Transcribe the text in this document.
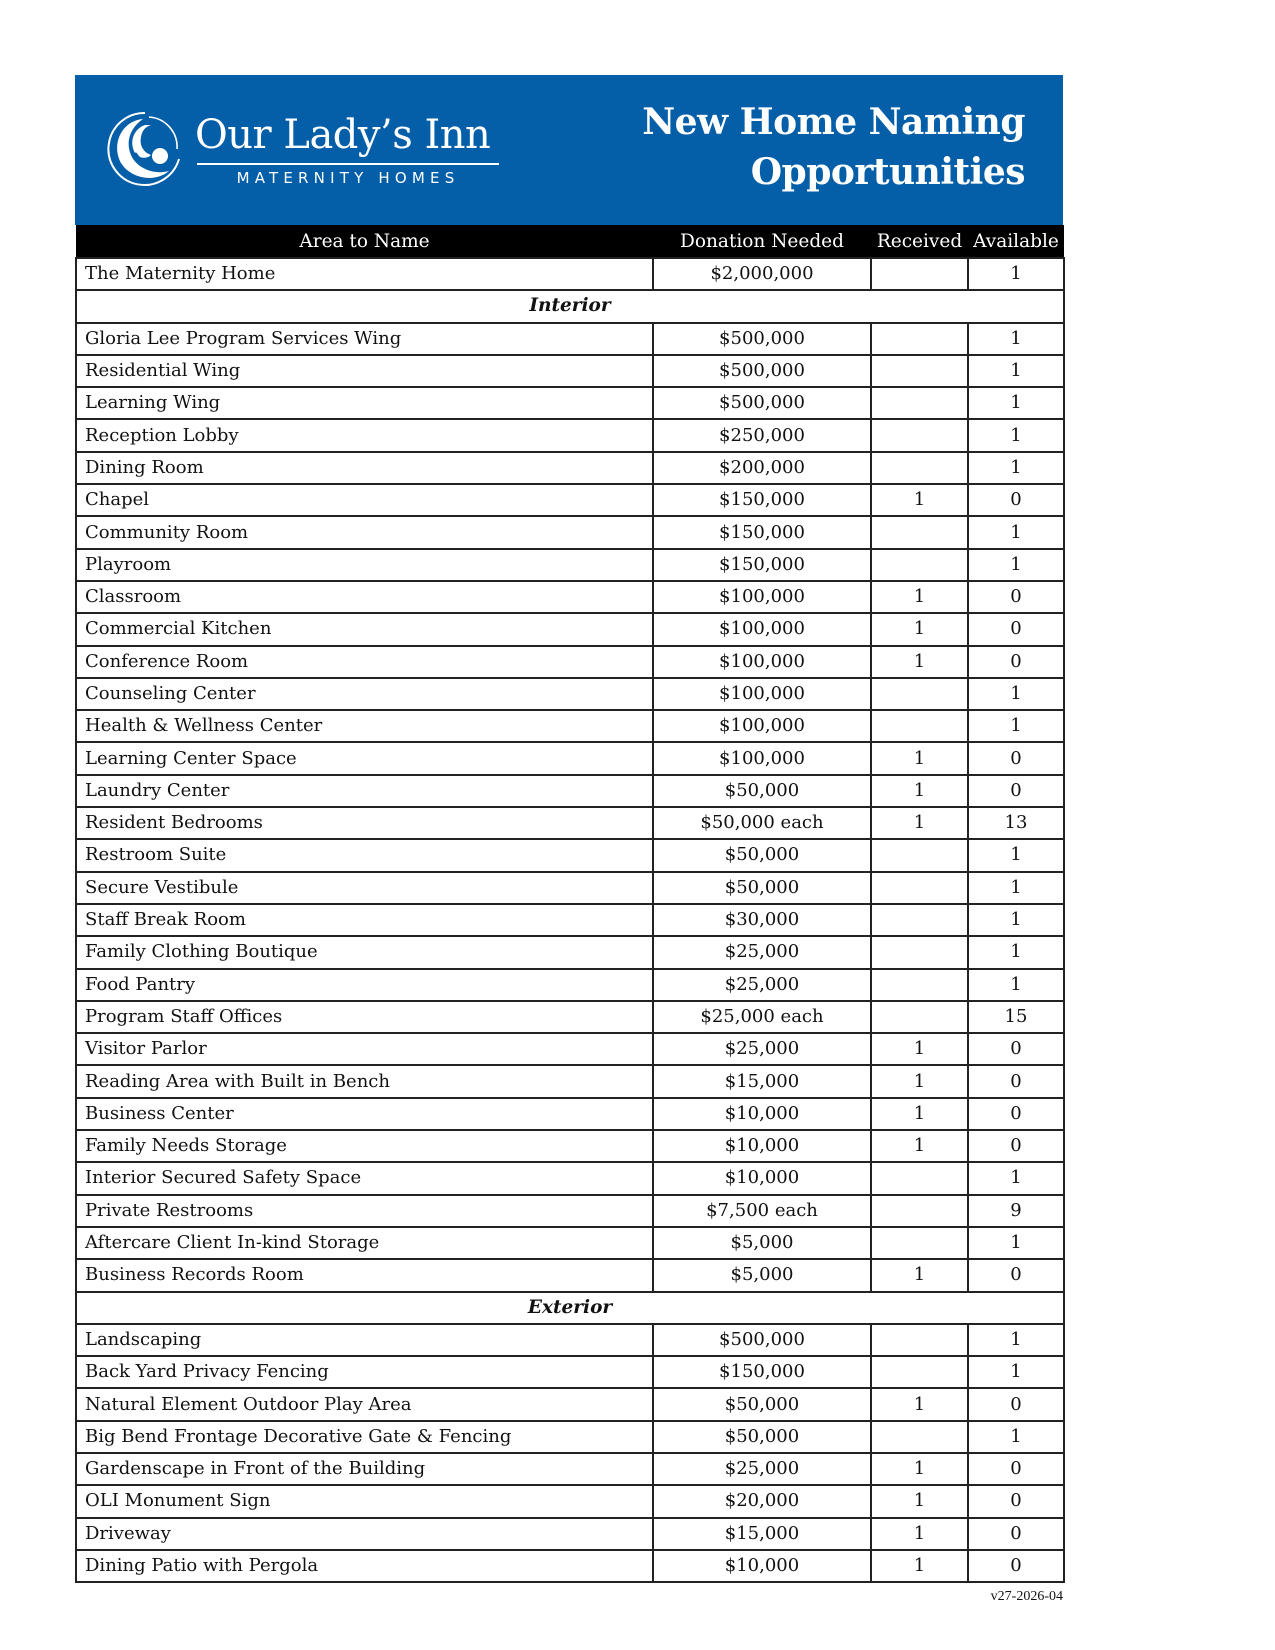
Our Lady’s Inn
MATERNITY HOMES
New Home Naming
Opportunities
Area to Name	Donation Needed	Received	Available
The Maternity Home	$2,000,000		1
Interior			
Gloria Lee Program Services Wing	$500,000		1
Residential Wing	$500,000		1
Learning Wing	$500,000		1
Reception Lobby	$250,000		1
Dining Room	$200,000		1
Chapel	$150,000	1	0
Community Room	$150,000		1
Playroom	$150,000		1
Classroom	$100,000	1	0
Commercial Kitchen	$100,000	1	0
Conference Room	$100,000	1	0
Counseling Center	$100,000		1
Health & Wellness Center	$100,000		1
Learning Center Space	$100,000	1	0
Laundry Center	$50,000	1	0
Resident Bedrooms	$50,000 each	1	13
Restroom Suite	$50,000		1
Secure Vestibule	$50,000		1
Staff Break Room	$30,000		1
Family Clothing Boutique	$25,000		1
Food Pantry	$25,000		1
Program Staff Offices	$25,000 each		15
Visitor Parlor	$25,000	1	0
Reading Area with Built in Bench	$15,000	1	0
Business Center	$10,000	1	0
Family Needs Storage	$10,000	1	0
Interior Secured Safety Space	$10,000		1
Private Restrooms	$7,500 each		9
Aftercare Client In-kind Storage	$5,000		1
Business Records Room	$5,000	1	0
Exterior			
Landscaping	$500,000		1
Back Yard Privacy Fencing	$150,000		1
Natural Element Outdoor Play Area	$50,000	1	0
Big Bend Frontage Decorative Gate & Fencing	$50,000		1
Gardenscape in Front of the Building	$25,000	1	0
OLI Monument Sign	$20,000	1	0
Driveway	$15,000	1	0
Dining Patio with Pergola	$10,000	1	0
v27-2026-04
